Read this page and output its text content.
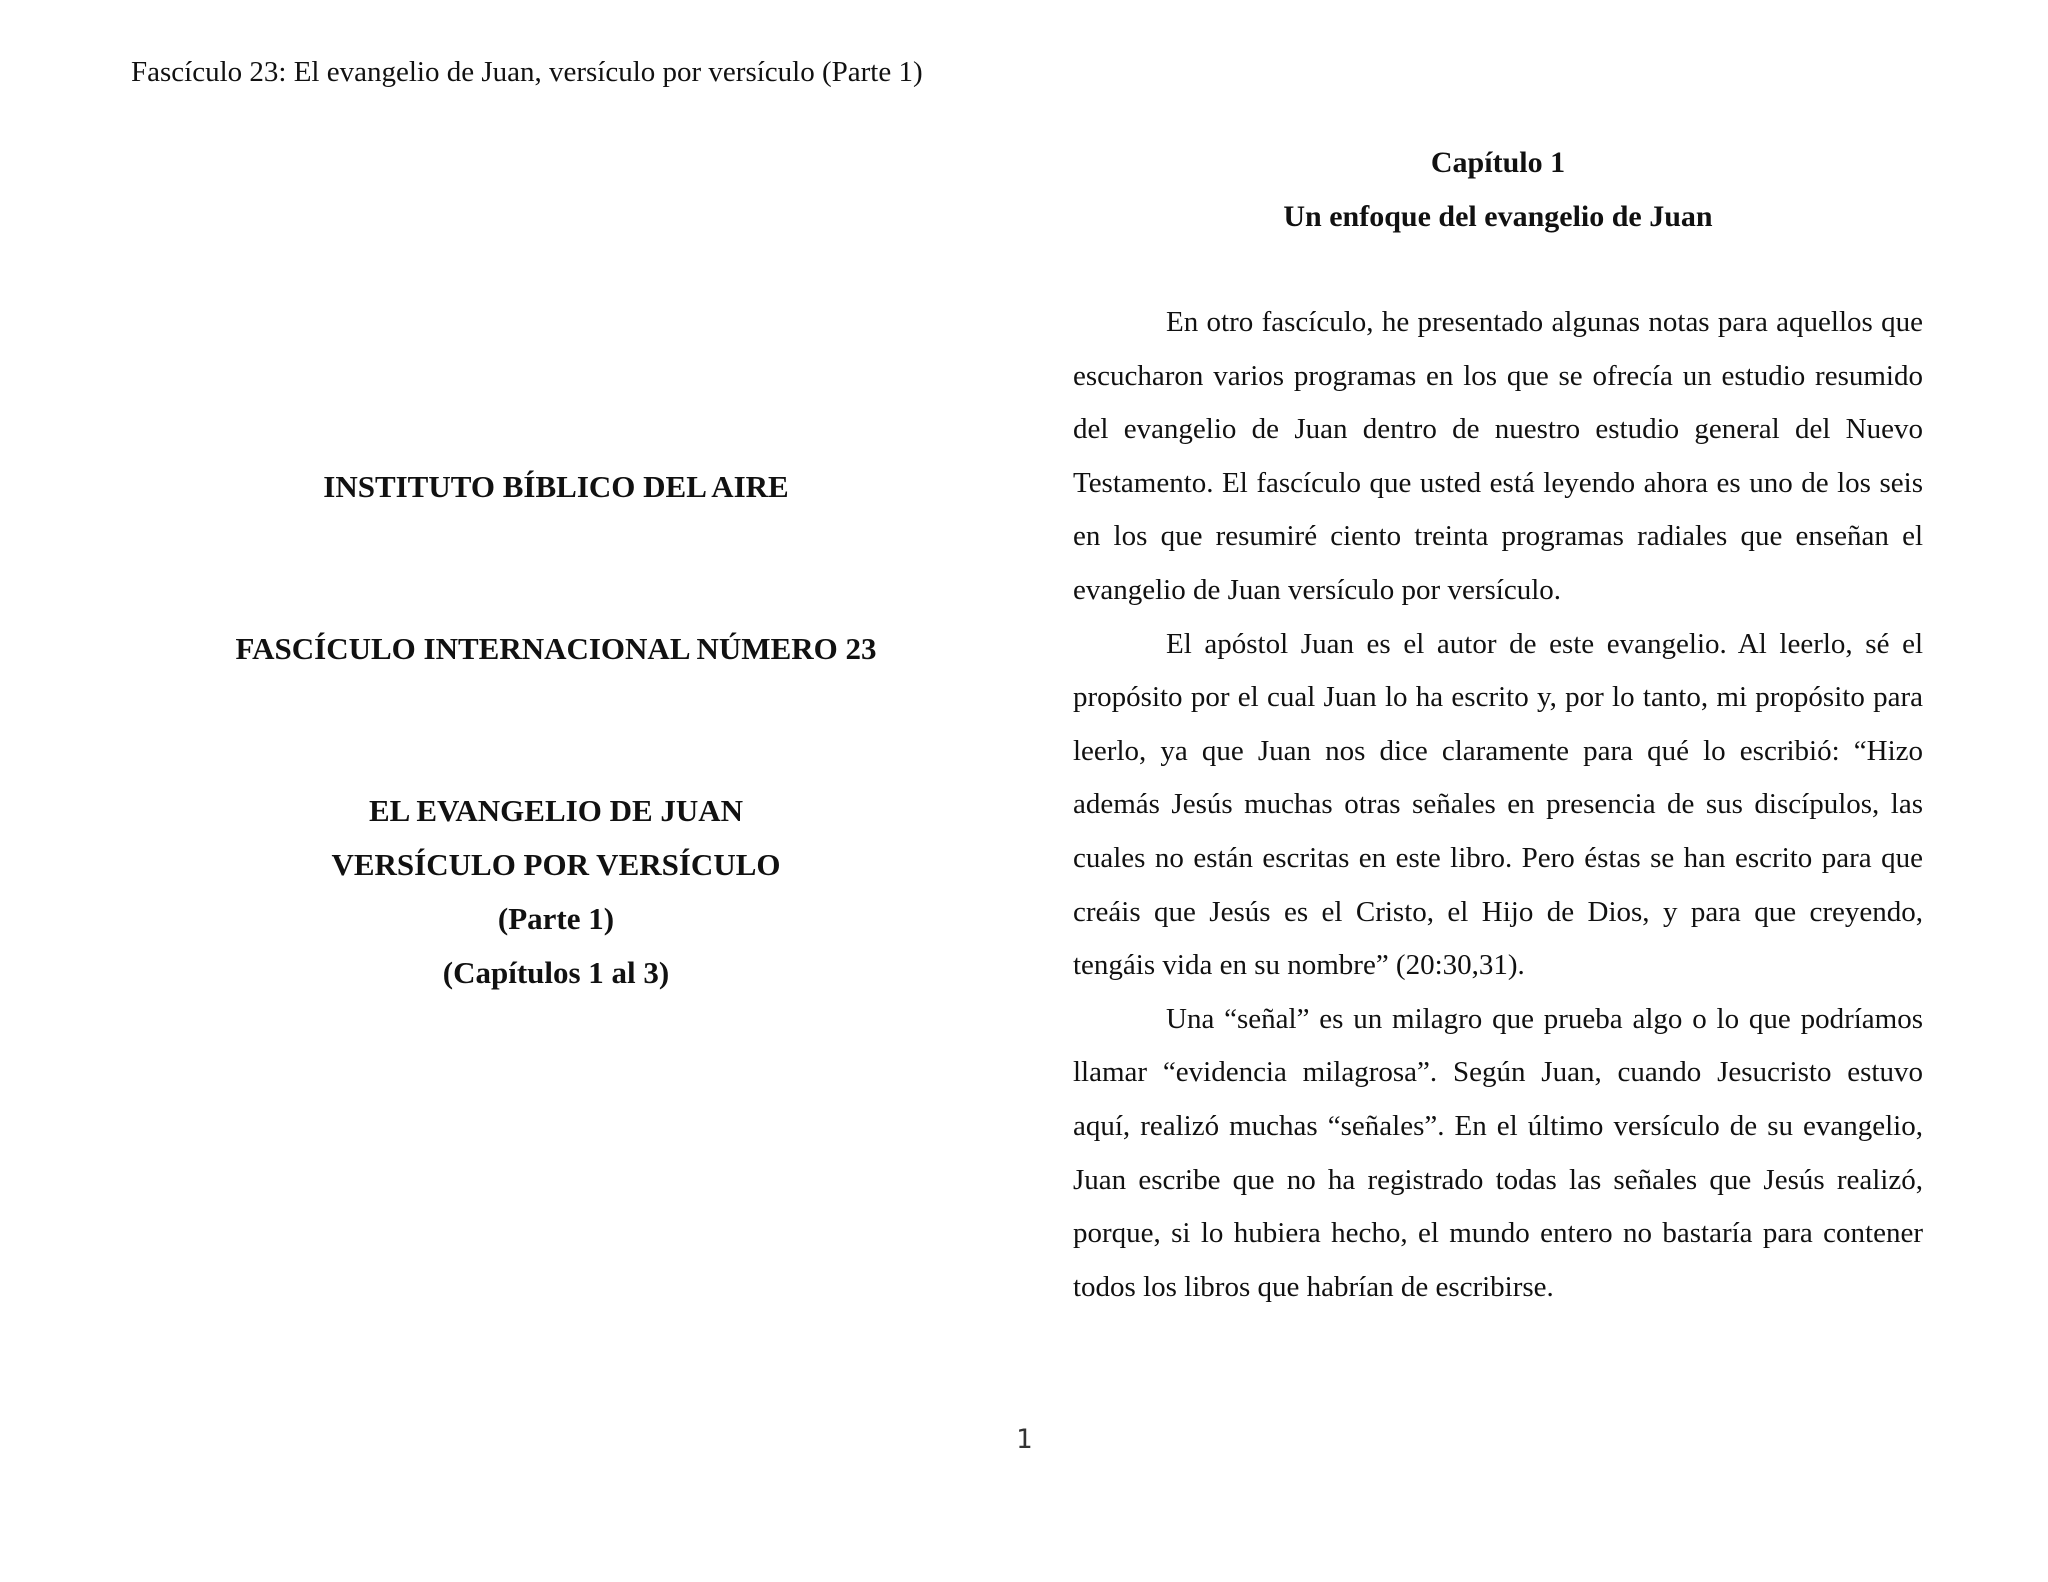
Fascículo 23: El evangelio de Juan, versículo por versículo (Parte 1)

INSTITUTO BÍBLICO DEL AIRE

FASCÍCULO INTERNACIONAL NÚMERO 23

EL EVANGELIO DE JUAN
VERSÍCULO POR VERSÍCULO
(Parte 1)
(Capítulos 1 al 3)
Capítulo 1
Un enfoque del evangelio de Juan

En otro fascículo, he presentado algunas notas para aquellos que escucharon varios programas en los que se ofrecía un estudio resumido del evangelio de Juan dentro de nuestro estudio general del Nuevo Testamento. El fascículo que usted está leyendo ahora es uno de los seis en los que resumiré ciento treinta programas radiales que enseñan el evangelio de Juan versículo por versículo.

El apóstol Juan es el autor de este evangelio. Al leerlo, sé el propósito por el cual Juan lo ha escrito y, por lo tanto, mi propósito para leerlo, ya que Juan nos dice claramente para qué lo escribió: “Hizo además Jesús muchas otras señales en presencia de sus discípulos, las cuales no están escritas en este libro. Pero éstas se han escrito para que creáis que Jesús es el Cristo, el Hijo de Dios, y para que creyendo, tengáis vida en su nombre” (20:30,31).

Una “señal” es un milagro que prueba algo o lo que podríamos llamar “evidencia milagrosa”. Según Juan, cuando Jesucristo estuvo aquí, realizó muchas “señales”. En el último versículo de su evangelio, Juan escribe que no ha registrado todas las señales que Jesús realizó, porque, si lo hubiera hecho, el mundo entero no bastaría para contener todos los libros que habrían de escribirse.

1
